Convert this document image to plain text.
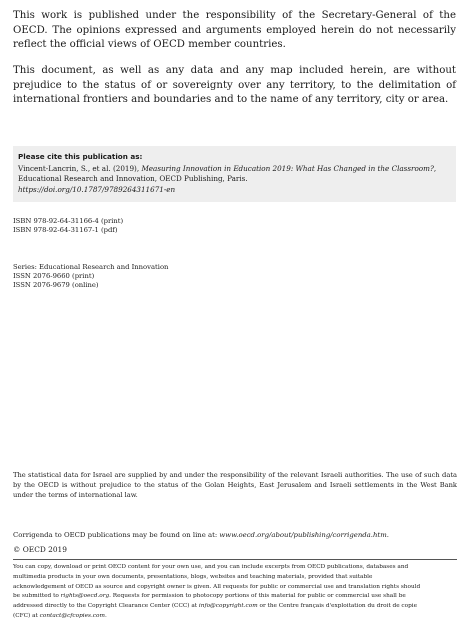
This work is published under the responsibility of the Secretary-General of the OECD. The opinions expressed and arguments employed herein do not necessarily reflect the official views of OECD member countries.

This document, as well as any data and any map included herein, are without prejudice to the status of or sovereignty over any territory, to the delimitation of international frontiers and boundaries and to the name of any territory, city or area.

Please cite this publication as:
Vincent-Lancrin, S., et al. (2019), Measuring Innovation in Education 2019: What Has Changed in the Classroom?, Educational Research and Innovation, OECD Publishing, Paris.
https://doi.org/10.1787/9789264311671-en
ISBN 978-92-64-31166-4 (print)
ISBN 978-92-64-31167-1 (pdf)
Series: Educational Research and Innovation
ISSN 2076-9660 (print)
ISSN 2076-9679 (online)

The statistical data for Israel are supplied by and under the responsibility of the relevant Israeli authorities. The use of such data by the OECD is without prejudice to the status of the Golan Heights, East Jerusalem and Israeli settlements in the West Bank under the terms of international law.

Corrigenda to OECD publications may be found on line at: www.oecd.org/about/publishing/corrigenda.htm.
© OECD 2019
You can copy, download or print OECD content for your own use, and you can include excerpts from OECD publications, databases and
multimedia products in your own documents, presentations, blogs, websites and teaching materials, provided that suitable
acknowledgement of OECD as source and copyright owner is given. All requests for public or commercial use and translation rights should
be submitted to rights@oecd.org. Requests for permission to photocopy portions of this material for public or commercial use shall be
addressed directly to the Copyright Clearance Center (CCC) at info@copyright.com or the Centre français d'exploitation du droit de copie
(CFC) at contact@cfcopies.com.
